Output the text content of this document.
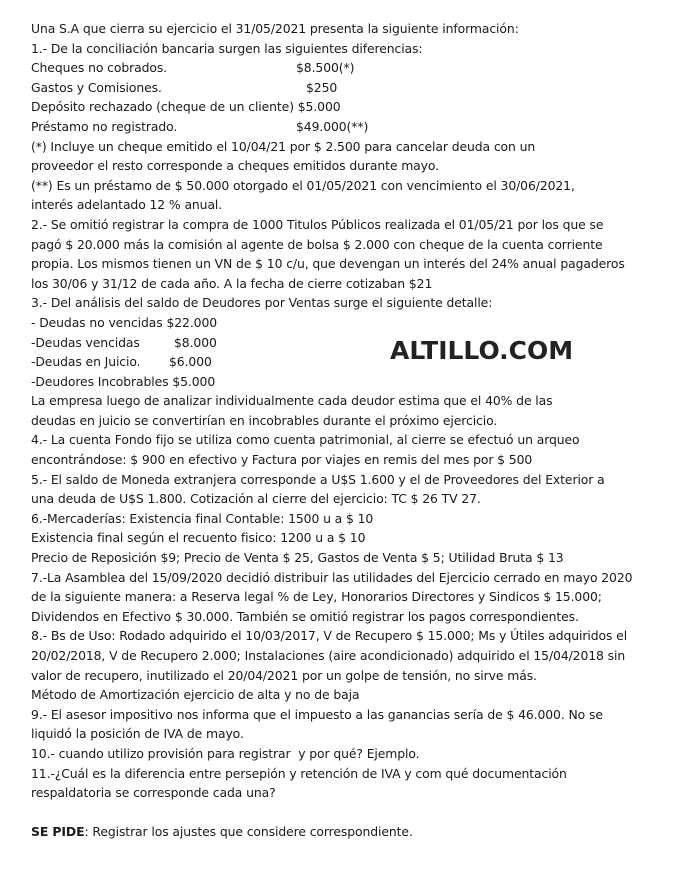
ALTILLO.COM
Una S.A que cierra su ejercicio el 31/05/2021 presenta la siguiente información:
1.- De la conciliación bancaria surgen las siguientes diferencias:
Cheques no cobrados.	$8.500(*)
Gastos y Comisiones.	$250
Depósito rechazado (cheque de un cliente) $5.000
Préstamo no registrado.	$49.000(**)
(*) Incluye un cheque emitido el 10/04/21 por $ 2.500 para cancelar deuda con un
proveedor el resto corresponde a cheques emitidos durante mayo.
(**) Es un préstamo de $ 50.000 otorgado el 01/05/2021 con vencimiento el 30/06/2021,
interés adelantado 12 % anual.
2.- Se omitió registrar la compra de 1000 Titulos Públicos realizada el 01/05/21 por los que se
pagó $ 20.000 más la comisión al agente de bolsa $ 2.000 con cheque de la cuenta corriente
propia. Los mismos tienen un VN de $ 10 c/u, que devengan un interés del 24% anual pagaderos
los 30/06 y 31/12 de cada año. A la fecha de cierre cotizaban $21
3.- Del análisis del saldo de Deudores por Ventas surge el siguiente detalle:
- Deudas no vencidas $22.000
-Deudas vencidas	$8.000
-Deudas en Juicio. $6.000
-Deudores Incobrables $5.000
La empresa luego de analizar individualmente cada deudor estima que el 40% de las
deudas en juicio se convertirían en incobrables durante el próximo ejercicio.
4.- La cuenta Fondo fijo se utiliza como cuenta patrimonial, al cierre se efectuó un arqueo
encontrándose: $ 900 en efectivo y Factura por viajes en remis del mes por $ 500
5.- El saldo de Moneda extranjera corresponde a U$S 1.600 y el de Proveedores del Exterior a
una deuda de U$S 1.800. Cotización al cierre del ejercicio: TC $ 26 TV 27.
6.-Mercaderías: Existencia final Contable: 1500 u a $ 10
Existencia final según el recuento fisico: 1200 u a $ 10
Precio de Reposición $9; Precio de Venta $ 25, Gastos de Venta $ 5; Utilidad Bruta $ 13
7.-La Asamblea del 15/09/2020 decidió distribuir las utilidades del Ejercicio cerrado en mayo 2020
de la siguiente manera: a Reserva legal % de Ley, Honorarios Directores y Sindicos $ 15.000;
Dividendos en Efectivo $ 30.000. También se omitió registrar los pagos correspondientes.
8.- Bs de Uso: Rodado adquirido el 10/03/2017, V de Recupero $ 15.000; Ms y Útiles adquiridos el
20/02/2018, V de Recupero 2.000; Instalaciones (aire acondicionado) adquirido el 15/04/2018 sin
valor de recupero, inutilizado el 20/04/2021 por un golpe de tensión, no sirve más.
Método de Amortización ejercicio de alta y no de baja
9.- El asesor impositivo nos informa que el impuesto a las ganancias sería de $ 46.000. No se
liquidó la posición de IVA de mayo.
10.- cuando utilizo provisión para registrar  y por qué? Ejemplo.
11.-¿Cuál es la diferencia entre persepión y retención de IVA y com qué documentación
respaldatoria se corresponde cada una?
SE PIDE: Registrar los ajustes que considere correspondiente.
